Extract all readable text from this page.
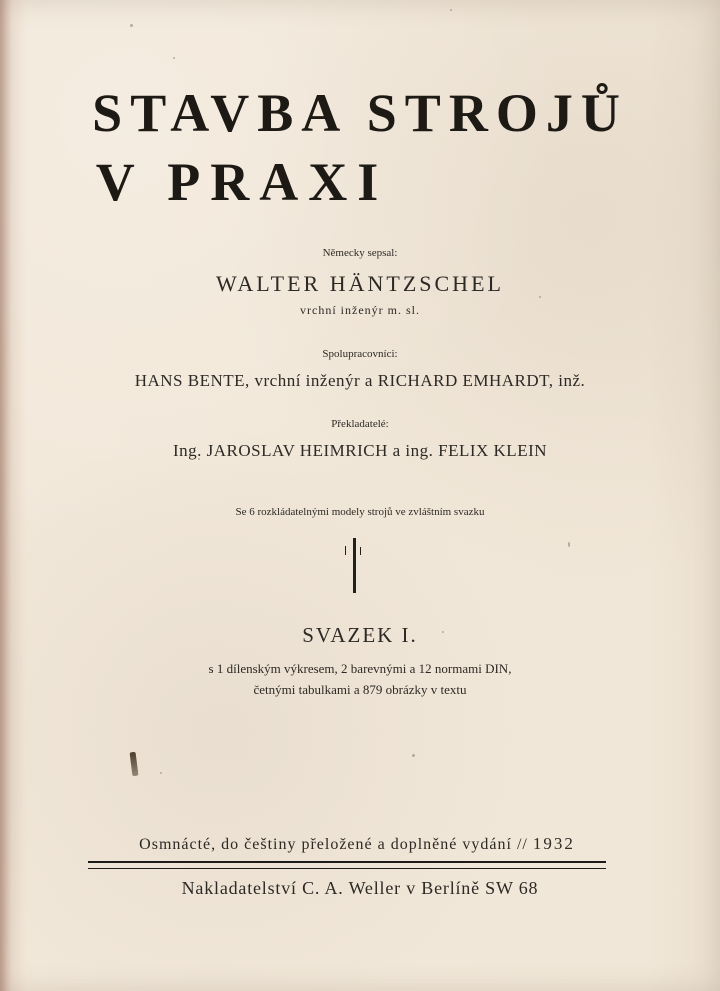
STAVBA STROJŮ
V PRAXI
Německy sepsal:
WALTER HÄNTZSCHEL
vrchní inženýr m. sl.
Spolupracovníci:
HANS BENTE, vrchní inženýr a RICHARD EMHARDT, inž.
Překladatelé:
Ing. JAROSLAV HEIMRICH a ing. FELIX KLEIN
Se 6 rozkládatelnými modely strojů ve zvláštním svazku
SVAZEK I.
s 1 dílenským výkresem, 2 barevnými a 12 normami DIN,
četnými tabulkami a 879 obrázky v textu
Osmnácté, do češtiny přeložené a doplněné vydání // 1932
Nakladatelství C. A. Weller v Berlíně SW 68
